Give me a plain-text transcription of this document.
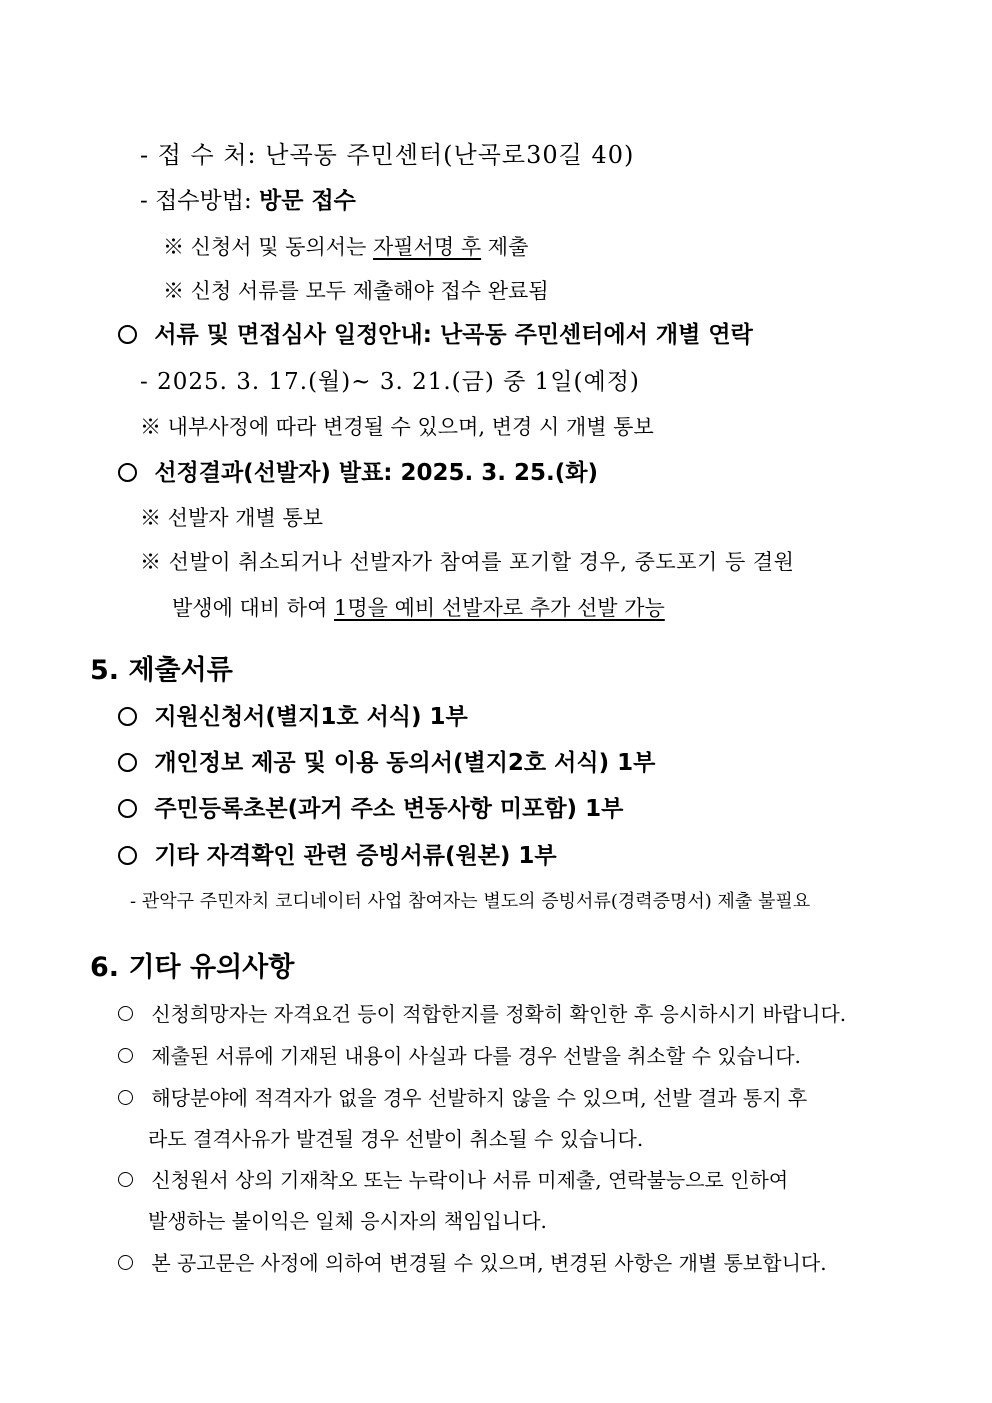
- 접 수 처: 난곡동 주민센터(난곡로30길 40)
- 접수방법: 방문 접수
※ 신청서 및 동의서는 자필서명 후 제출
※ 신청 서류를 모두 제출해야 접수 완료됨
서류 및 면접심사 일정안내: 난곡동 주민센터에서 개별 연락
- 2025. 3. 17.(월)~ 3. 21.(금) 중 1일(예정)
※ 내부사정에 따라 변경될 수 있으며, 변경 시 개별 통보
선정결과(선발자) 발표: 2025. 3. 25.(화)
※ 선발자 개별 통보
※ 선발이 취소되거나 선발자가 참여를 포기할 경우, 중도포기 등 결원
발생에 대비 하여 1명을 예비 선발자로 추가 선발 가능
5. 제출서류
지원신청서(별지1호 서식) 1부
개인정보 제공 및 이용 동의서(별지2호 서식) 1부
주민등록초본(과거 주소 변동사항 미포함) 1부
기타 자격확인 관련 증빙서류(원본) 1부
- 관악구 주민자치 코디네이터 사업 참여자는 별도의 증빙서류(경력증명서) 제출 불필요
6. 기타 유의사항
신청희망자는 자격요건 등이 적합한지를 정확히 확인한 후 응시하시기 바랍니다.
제출된 서류에 기재된 내용이 사실과 다를 경우 선발을 취소할 수 있습니다.
해당분야에 적격자가 없을 경우 선발하지 않을 수 있으며, 선발 결과 통지 후
라도 결격사유가 발견될 경우 선발이 취소될 수 있습니다.
신청원서 상의 기재착오 또는 누락이나 서류 미제출, 연락불능으로 인하여
발생하는 불이익은 일체 응시자의 책임입니다.
본 공고문은 사정에 의하여 변경될 수 있으며, 변경된 사항은 개별 통보합니다.
